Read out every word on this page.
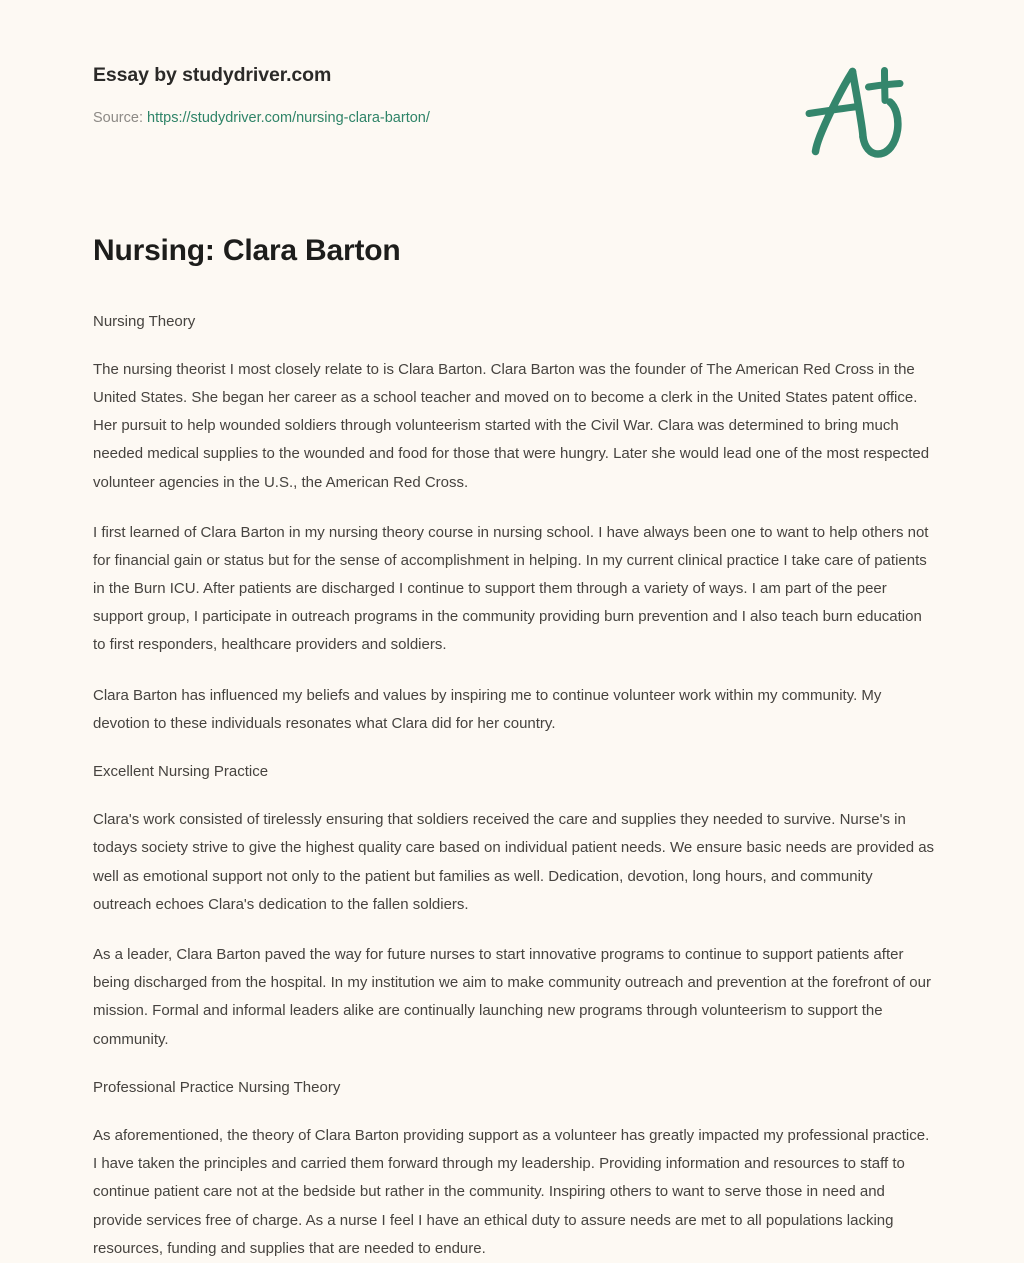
Essay by studydriver.com
Source: https://studydriver.com/nursing-clara-barton/
Nursing: Clara Barton
Nursing Theory

The nursing theorist I most closely relate to is Clara Barton. Clara Barton was the founder of The American Red Cross in the United States. She began her career as a school teacher and moved on to become a clerk in the United States patent office. Her pursuit to help wounded soldiers through volunteerism started with the Civil War. Clara was determined to bring much needed medical supplies to the wounded and food for those that were hungry. Later she would lead one of the most respected volunteer agencies in the U.S., the American Red Cross.

I first learned of Clara Barton in my nursing theory course in nursing school. I have always been one to want to help others not for financial gain or status but for the sense of accomplishment in helping. In my current clinical practice I take care of patients in the Burn ICU. After patients are discharged I continue to support them through a variety of ways. I am part of the peer support group, I participate in outreach programs in the community providing burn prevention and I also teach burn education to first responders, healthcare providers and soldiers.

Clara Barton has influenced my beliefs and values by inspiring me to continue volunteer work within my community. My devotion to these individuals resonates what Clara did for her country.

Excellent Nursing Practice

Clara's work consisted of tirelessly ensuring that soldiers received the care and supplies they needed to survive. Nurse's in todays society strive to give the highest quality care based on individual patient needs. We ensure basic needs are provided as well as emotional support not only to the patient but families as well. Dedication, devotion, long hours, and community outreach echoes Clara's dedication to the fallen soldiers.

As a leader, Clara Barton paved the way for future nurses to start innovative programs to continue to support patients after being discharged from the hospital. In my institution we aim to make community outreach and prevention at the forefront of our mission. Formal and informal leaders alike are continually launching new programs through volunteerism to support the community.

Professional Practice Nursing Theory

As aforementioned, the theory of Clara Barton providing support as a volunteer has greatly impacted my professional practice. I have taken the principles and carried them forward through my leadership. Providing information and resources to staff to continue patient care not at the bedside but rather in the community. Inspiring others to want to serve those in need and provide services free of charge. As a nurse I feel I have an ethical duty to assure needs are met to all populations lacking resources, funding and supplies that are needed to endure.
